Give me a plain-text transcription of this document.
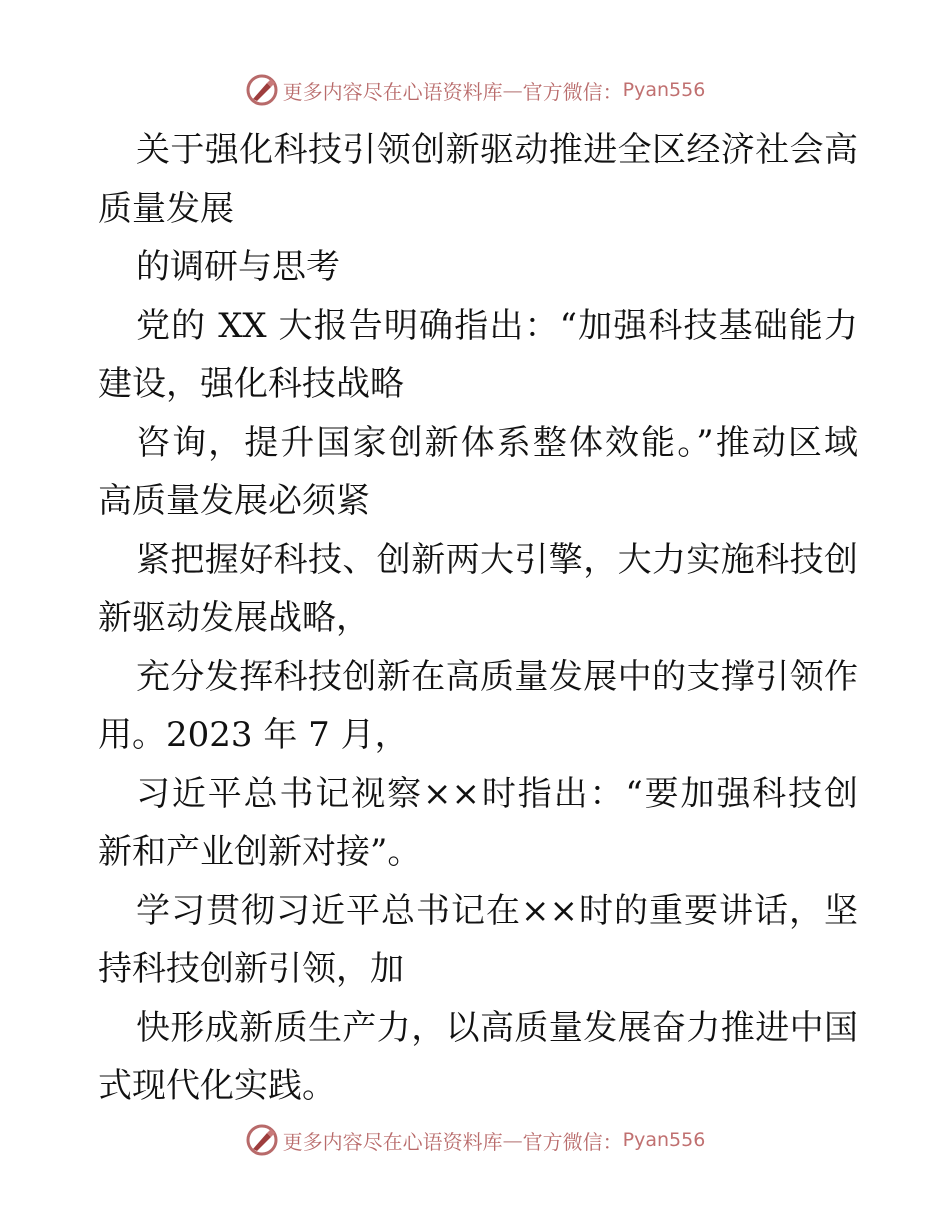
更多内容尽在心语资料库 — 官方微信： Pyan556
关于强化科技引领创新驱动推进全区经济社会高
质量发展
的调研与思考
党的 XX 大报告明确指出：“加强科技基础能力
建设，强化科技战略
咨询，提升国家创新体系整体效能。”推动区域
高质量发展必须紧
紧把握好科技、创新两大引擎，大力实施科技创
新驱动发展战略，
充分发挥科技创新在高质量发展中的支撑引领作
用。2023 年 7 月，
习近平总书记视察××时指出：“要加强科技创
新和产业创新对接”。
学习贯彻习近平总书记在××时的重要讲话，坚
持科技创新引领，加
快形成新质生产力，以高质量发展奋力推进中国
式现代化实践。
更多内容尽在心语资料库 — 官方微信： Pyan556
